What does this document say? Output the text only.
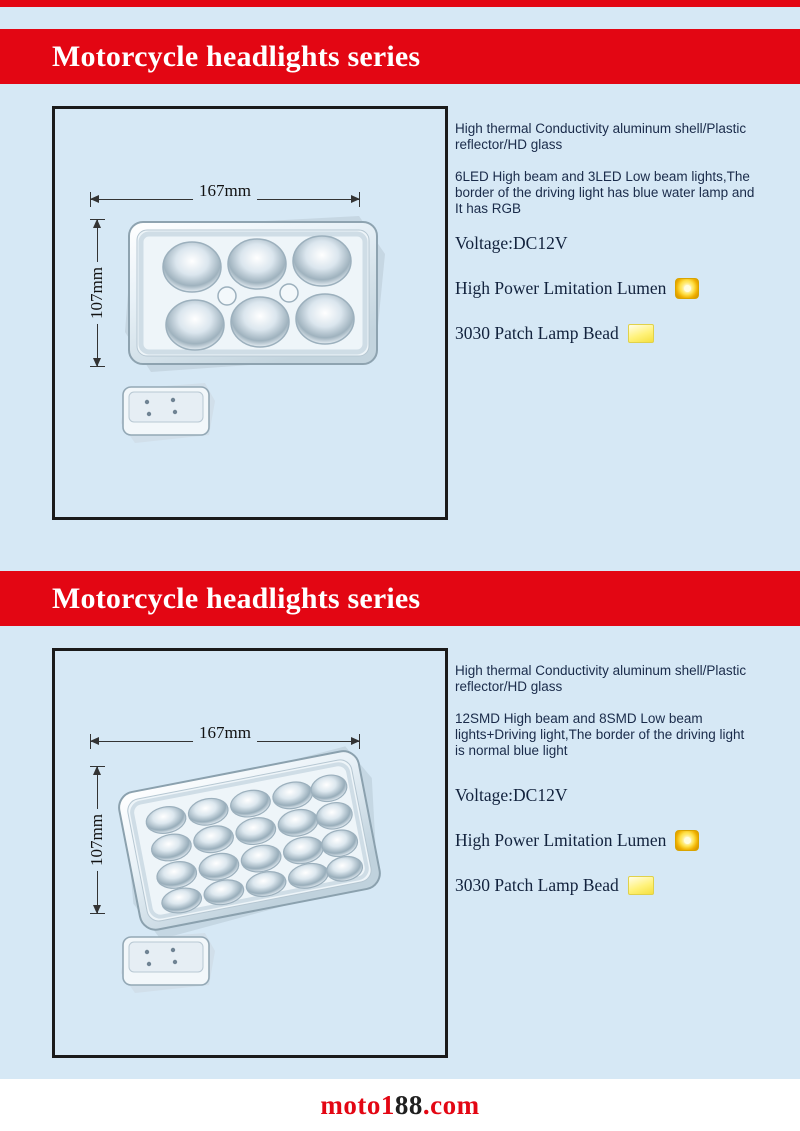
Motorcycle headlights series
167mm
107mm
High thermal Conductivity aluminum shell/Plastic reflector/HD glass
6LED High beam and 3LED Low beam lights,The border of the driving light has blue water lamp and It has RGB
Voltage:DC12V
High Power Lmitation Lumen
3030 Patch Lamp Bead
Motorcycle headlights series
167mm
107mm
High thermal Conductivity aluminum shell/Plastic reflector/HD glass
12SMD High beam and 8SMD Low beam lights+Driving light,The border of the driving light is normal blue light
Voltage:DC12V
High Power Lmitation Lumen
3030 Patch Lamp Bead
moto188.com
